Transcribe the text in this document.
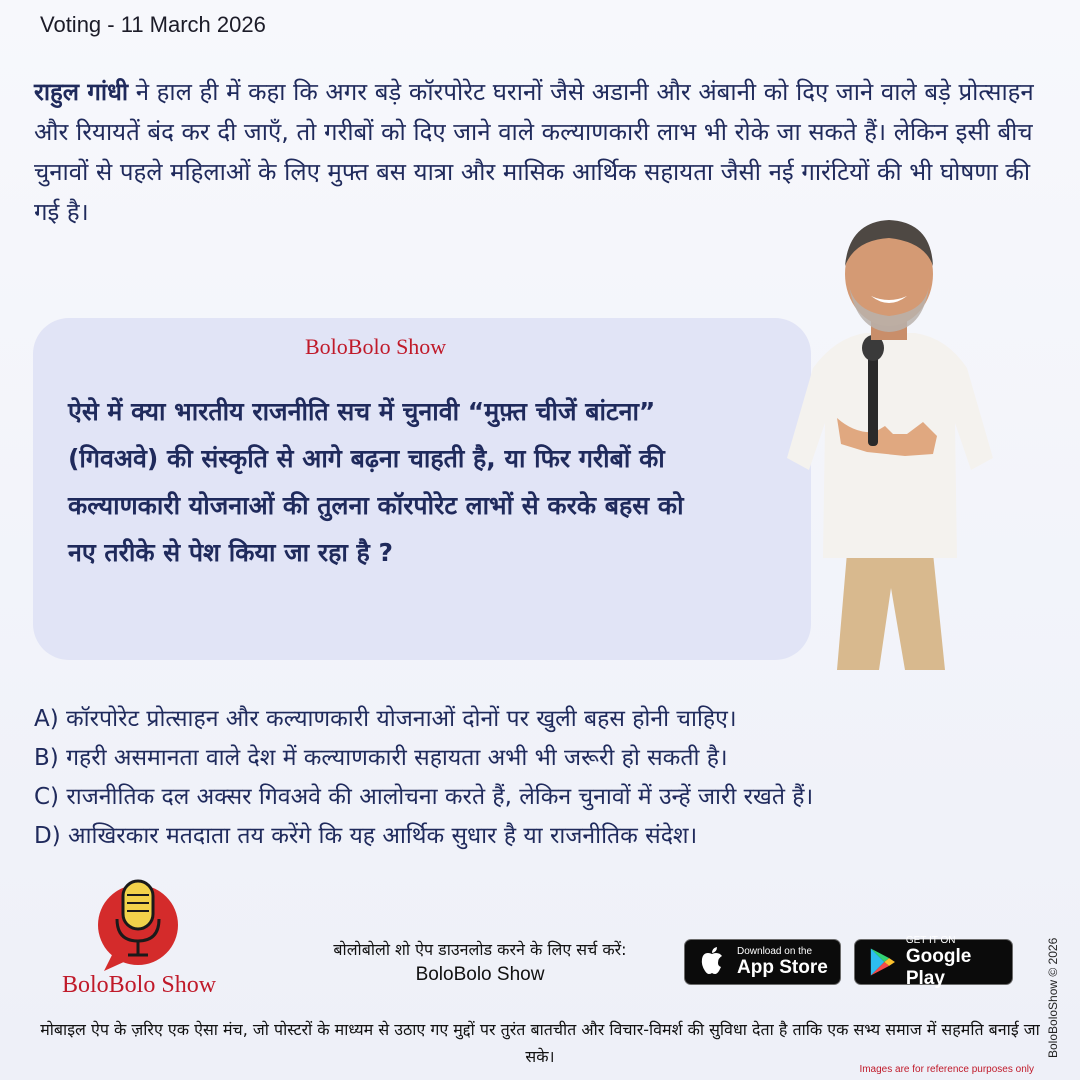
Voting - 11 March 2026
राहुल गांधी ने हाल ही में कहा कि अगर बड़े कॉरपोरेट घरानों जैसे अडानी और अंबानी को दिए जाने वाले बड़े प्रोत्साहन और रियायतें बंद कर दी जाएँ, तो गरीबों को दिए जाने वाले कल्याणकारी लाभ भी रोके जा सकते हैं। लेकिन इसी बीच चुनावों से पहले महिलाओं के लिए मुफ्त बस यात्रा और मासिक आर्थिक सहायता जैसी नई गारंटियों की भी घोषणा की गई है।
BoloBolo Show
ऐसे में क्या भारतीय राजनीति सच में चुनावी “मुफ़्त चीजें बांटना” (गिवअवे) की संस्कृति से आगे बढ़ना चाहती है, या फिर गरीबों की कल्याणकारी योजनाओं की तुलना कॉरपोरेट लाभों से करके बहस को नए तरीके से पेश किया जा रहा है ?
A) कॉरपोरेट प्रोत्साहन और कल्याणकारी योजनाओं दोनों पर खुली बहस होनी चाहिए।
B) गहरी असमानता वाले देश में कल्याणकारी सहायता अभी भी जरूरी हो सकती है।
C) राजनीतिक दल अक्सर गिवअवे की आलोचना करते हैं, लेकिन चुनावों में उन्हें जारी रखते हैं।
D) आखिरकार मतदाता तय करेंगे कि यह आर्थिक सुधार है या राजनीतिक संदेश।
BoloBolo Show
बोलोबोलो शो ऐप डाउनलोड करने के लिए सर्च करें:
BoloBolo Show
Download on the
App Store
GET IT ON
Google Play
मोबाइल ऐप के ज़रिए एक ऐसा मंच, जो पोस्टरों के माध्यम से उठाए गए मुद्दों पर तुरंत बातचीत और विचार-विमर्श की सुविधा देता है ताकि एक सभ्य समाज में सहमति बनाई जा सके।	BoloBoloShow © 2026
Images are for reference purposes only
